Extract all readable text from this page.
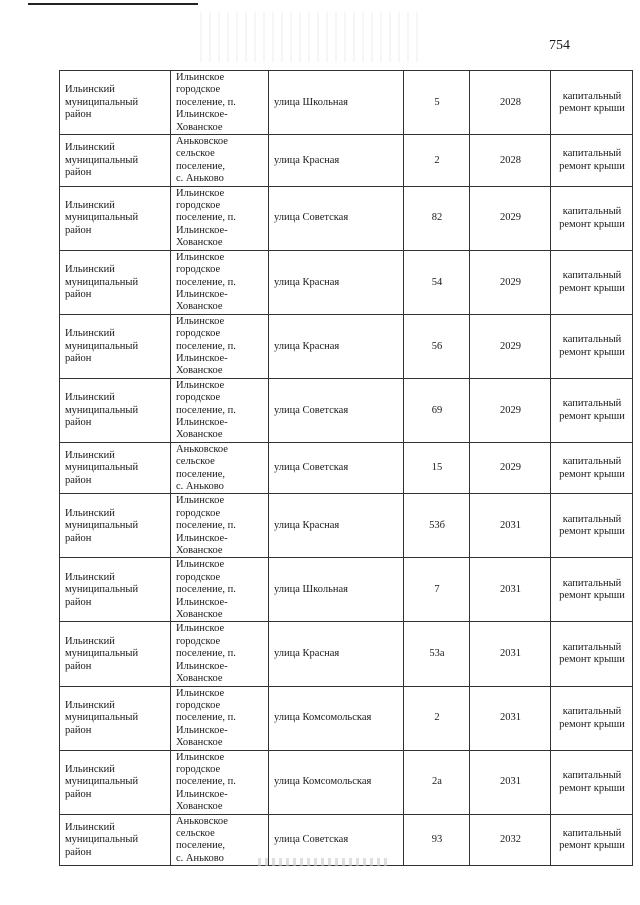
754
Ильинский муниципальный район	Ильинское
городское
поселение, п.
Ильинское-
Хованское	улица Школьная	5	2028	капитальный ремонт крыши
Ильинский муниципальный район	Аньковское
сельское поселение,
с. Аньково	улица Красная	2	2028	капитальный ремонт крыши
Ильинский муниципальный район	Ильинское
городское
поселение, п.
Ильинское-
Хованское	улица Советская	82	2029	капитальный ремонт крыши
Ильинский муниципальный район	Ильинское
городское
поселение, п.
Ильинское-
Хованское	улица Красная	54	2029	капитальный ремонт крыши
Ильинский муниципальный район	Ильинское
городское
поселение, п.
Ильинское-
Хованское	улица Красная	56	2029	капитальный ремонт крыши
Ильинский муниципальный район	Ильинское
городское
поселение, п.
Ильинское-
Хованское	улица Советская	69	2029	капитальный ремонт крыши
Ильинский муниципальный район	Аньковское
сельское поселение,
с. Аньково	улица Советская	15	2029	капитальный ремонт крыши
Ильинский муниципальный район	Ильинское
городское
поселение, п.
Ильинское-
Хованское	улица Красная	53б	2031	капитальный ремонт крыши
Ильинский муниципальный район	Ильинское
городское
поселение, п.
Ильинское-
Хованское	улица Школьная	7	2031	капитальный ремонт крыши
Ильинский муниципальный район	Ильинское
городское
поселение, п.
Ильинское-
Хованское	улица Красная	53а	2031	капитальный ремонт крыши
Ильинский муниципальный район	Ильинское
городское
поселение, п.
Ильинское-
Хованское	улица Комсомольская	2	2031	капитальный ремонт крыши
Ильинский муниципальный район	Ильинское
городское
поселение, п.
Ильинское-
Хованское	улица Комсомольская	2а	2031	капитальный ремонт крыши
Ильинский муниципальный район	Аньковское
сельское поселение,
с. Аньково	улица Советская	93	2032	капитальный ремонт крыши
